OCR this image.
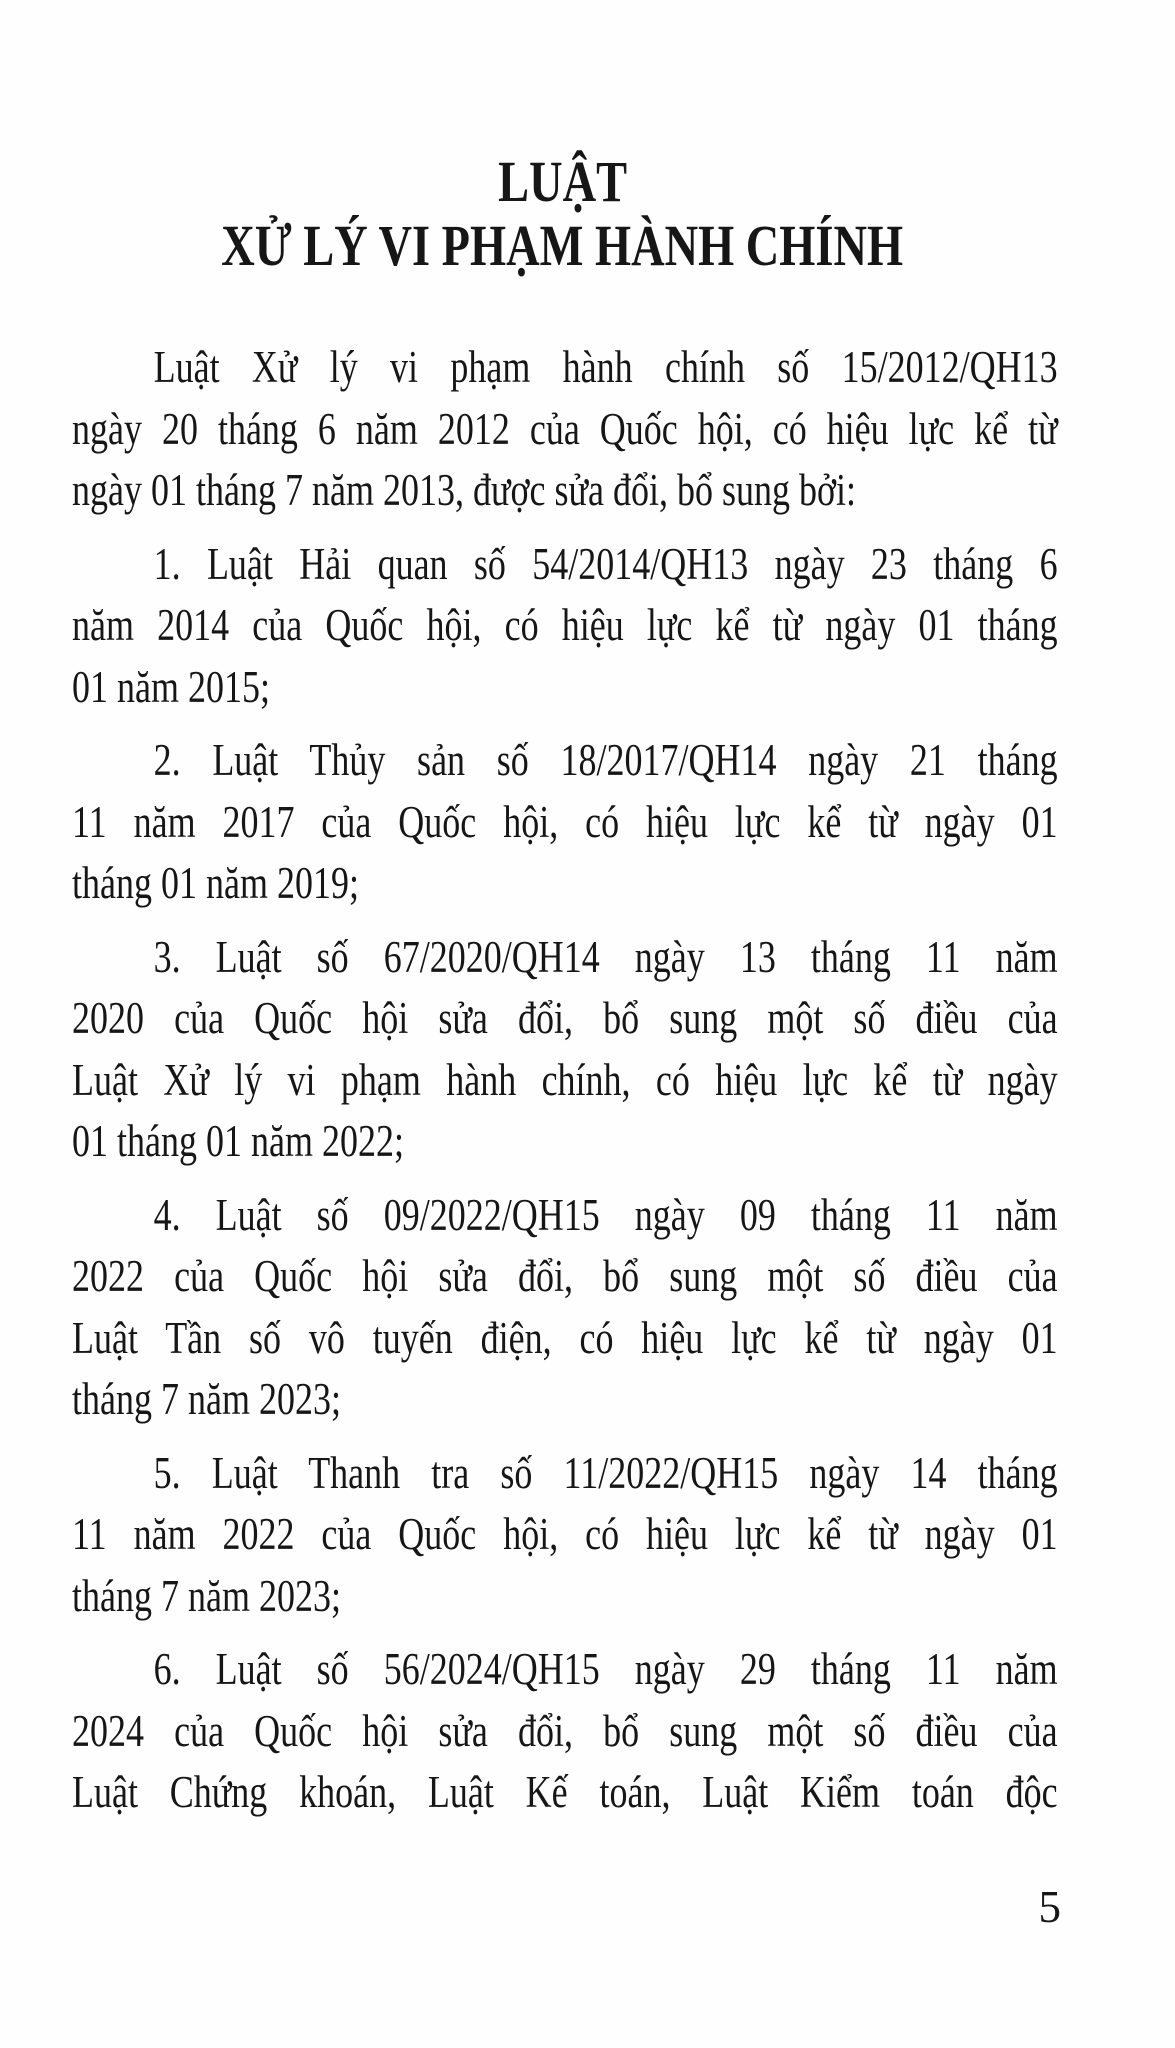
LUẬT
XỬ LÝ VI PHẠM HÀNH CHÍNH
Luật Xử lý vi phạm hành chính số 15/2012/QH13
ngày 20 tháng 6 năm 2012 của Quốc hội, có hiệu lực kể từ
ngày 01 tháng 7 năm 2013, được sửa đổi, bổ sung bởi:
1. Luật Hải quan số 54/2014/QH13 ngày 23 tháng 6
năm 2014 của Quốc hội, có hiệu lực kể từ ngày 01 tháng
01 năm 2015;
2. Luật Thủy sản số 18/2017/QH14 ngày 21 tháng
11 năm 2017 của Quốc hội, có hiệu lực kể từ ngày 01
tháng 01 năm 2019;
3. Luật số 67/2020/QH14 ngày 13 tháng 11 năm
2020 của Quốc hội sửa đổi, bổ sung một số điều của
Luật Xử lý vi phạm hành chính, có hiệu lực kể từ ngày
01 tháng 01 năm 2022;
4. Luật số 09/2022/QH15 ngày 09 tháng 11 năm
2022 của Quốc hội sửa đổi, bổ sung một số điều của
Luật Tần số vô tuyến điện, có hiệu lực kể từ ngày 01
tháng 7 năm 2023;
5. Luật Thanh tra số 11/2022/QH15 ngày 14 tháng
11 năm 2022 của Quốc hội, có hiệu lực kể từ ngày 01
tháng 7 năm 2023;
6. Luật số 56/2024/QH15 ngày 29 tháng 11 năm
2024 của Quốc hội sửa đổi, bổ sung một số điều của
Luật Chứng khoán, Luật Kế toán, Luật Kiểm toán độc
5
